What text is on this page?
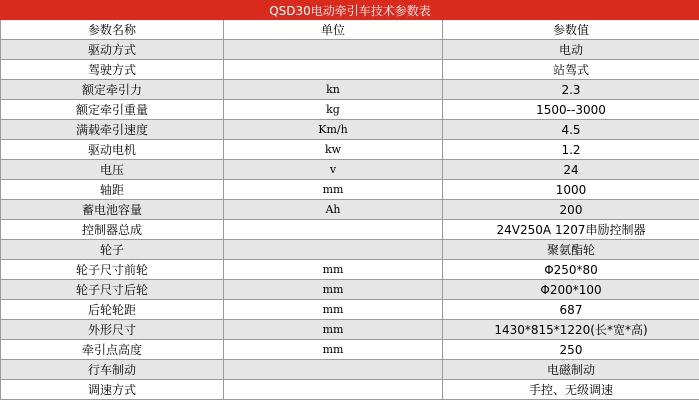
QSD30电动牵引车技术参数表		
参数名称	单位	参数值
驱动方式		电动
驾驶方式		站驾式
额定牵引力	kn	2.3
额定牵引重量	kg	1500--3000
满载牵引速度	Km/h	4.5
驱动电机	kw	1.2
电压	v	24
轴距	mm	1000
蓄电池容量	Ah	200
控制器总成		24V250A 1207串励控制器
轮子		聚氨酯轮
轮子尺寸前轮	mm	Φ250*80
轮子尺寸后轮	mm	Φ200*100
后轮轮距	mm	687
外形尺寸	mm	1430*815*1220(长*宽*高)
牵引点高度	mm	250
行车制动		电磁制动
调速方式		手控、无级调速
